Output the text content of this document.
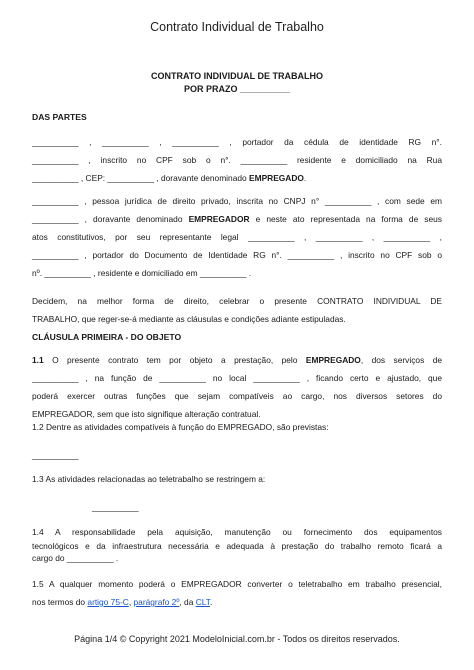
Contrato Individual de Trabalho
CONTRATO INDIVIDUAL DE TRABALHO
POR PRAZO __________
DAS PARTES
__________ , __________ , __________ , portador da cédula de identidade RG n°.
__________ , inscrito no CPF sob o n°. __________ residente e domiciliado na Rua
__________ , CEP: __________ , doravante denominado EMPREGADO.
__________ , pessoa jurídica de direito privado, inscrita no CNPJ n° __________ , com sede em
__________ , doravante denominado EMPREGADOR e neste ato representada na forma de seus
atos constitutivos, por seu representante legal __________ , __________ , __________ ,
__________ , portador do Documento de Identidade RG n°. __________ , inscrito no CPF sob o
nº. __________ , residente e domiciliado em __________ .
Decidem, na melhor forma de direito, celebrar o presente CONTRATO INDIVIDUAL DE
TRABALHO, que reger-se-á mediante as cláusulas e condições adiante estipuladas.
CLÁUSULA PRIMEIRA - DO OBJETO
1.1 O presente contrato tem por objeto a prestação, pelo EMPREGADO, dos serviços de
__________ , na função de __________ no local __________ , ficando certo e ajustado, que
poderá exercer outras funções que sejam compatíveis ao cargo, nos diversos setores do
EMPREGADOR, sem que isto signifique alteração contratual.
1.2 Dentre as atividades compatíveis à função do EMPREGADO, são previstas:
__________
1.3 As atividades relacionadas ao teletrabalho se restringem a:
__________
1.4 A responsabilidade pela aquisição, manutenção ou fornecimento dos equipamentos
tecnológicos e da infraestrutura necessária e adequada à prestação do trabalho remoto ficará a
cargo do __________ .
1.5 A qualquer momento poderá o EMPREGADOR converter o teletrabalho em trabalho presencial,
nos termos do artigo 75-C, parágrafo 2º, da CLT.
Página 1/4 © Copyright 2021 ModeloInicial.com.br - Todos os direitos reservados.
